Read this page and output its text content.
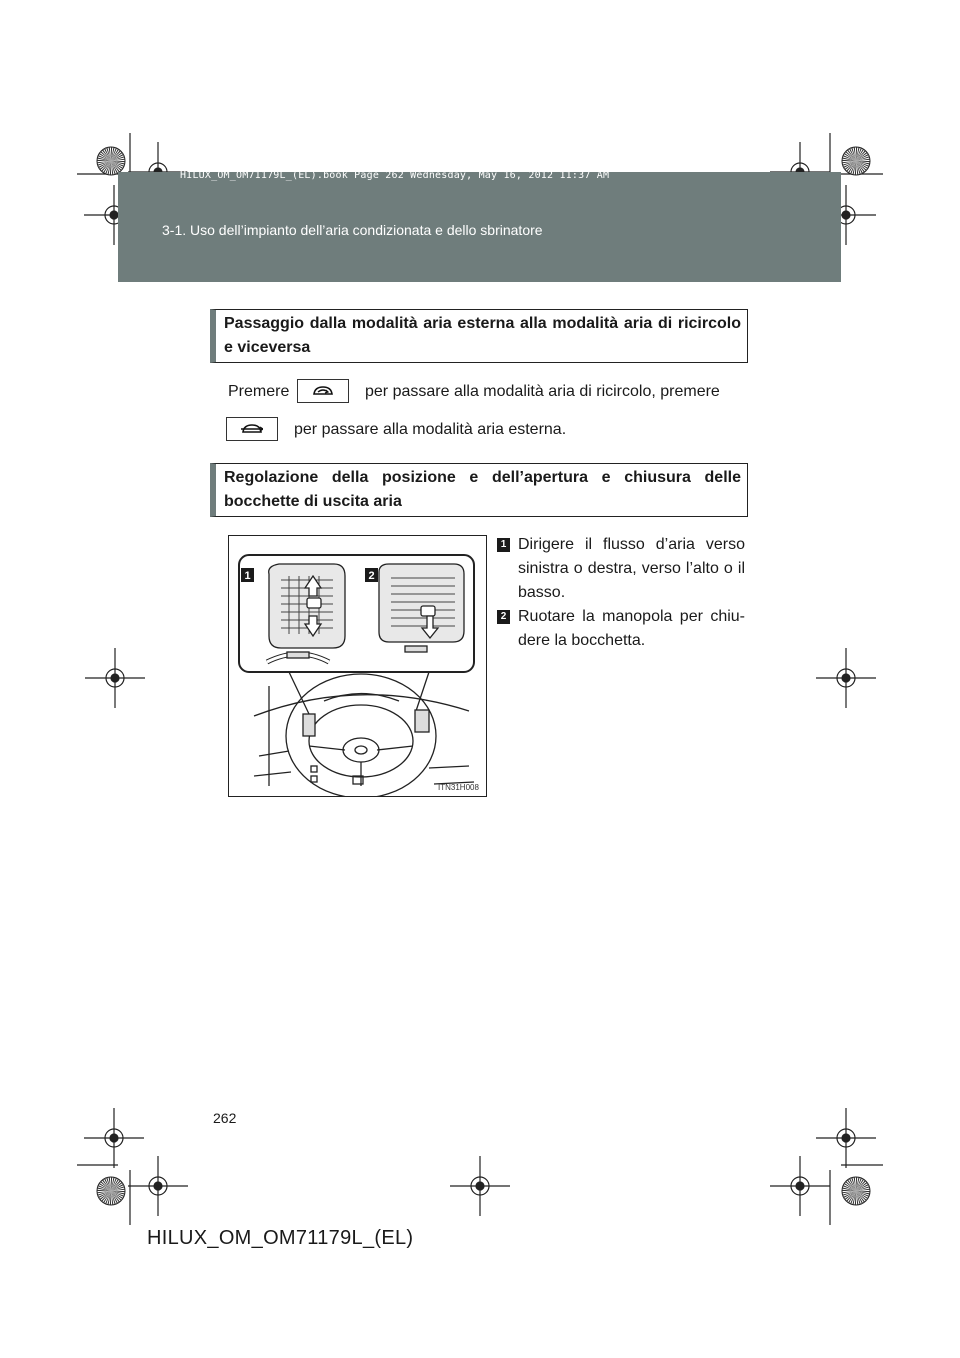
HILUX_OM_OM71179L_(EL).book Page 262 Wednesday, May 16, 2012 11:37 AM
3-1. Uso dell’impianto dell’aria condizionata e dello sbrinatore
Passaggio dalla modalità aria esterna alla modalità aria di ricircolo e viceversa
Premere	per passare alla modalità aria di ricircolo, premere
per passare alla modalità aria esterna.
Regolazione della posizione e dell’apertura e chiusura delle bocchette di uscita aria
1	2
ITN31H008
1 Dirigere il flusso d’aria verso sinistra o destra, verso l’alto o il basso.
2 Ruotare la manopola per chiu-dere la bocchetta.
262
HILUX_OM_OM71179L_(EL)
